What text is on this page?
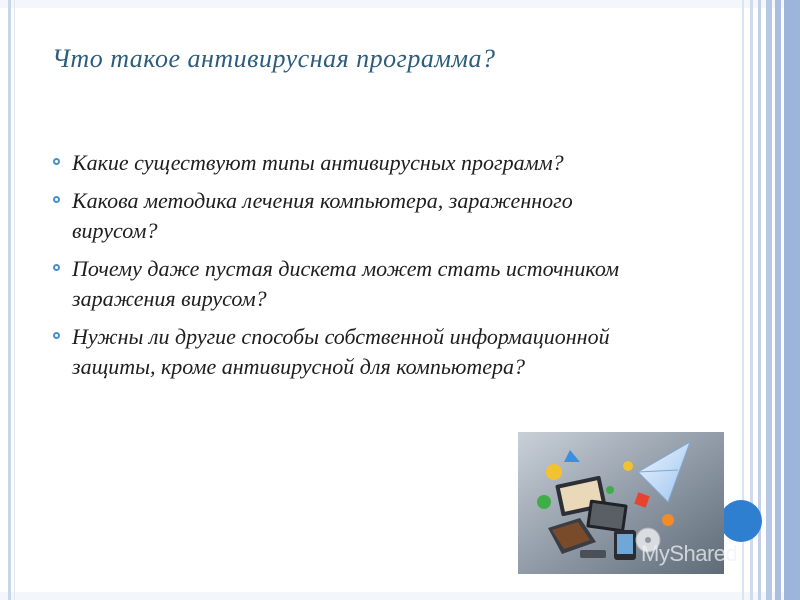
Что такое антивирусная программа?
Какие существуют типы антивирусных программ?
Какова методика лечения компьютера, зараженного вирусом?
Почему даже пустая дискета может стать источником заражения вирусом?
Нужны ли другие способы собственной информационной защиты, кроме антивирусной для компьютера?
MyShared
